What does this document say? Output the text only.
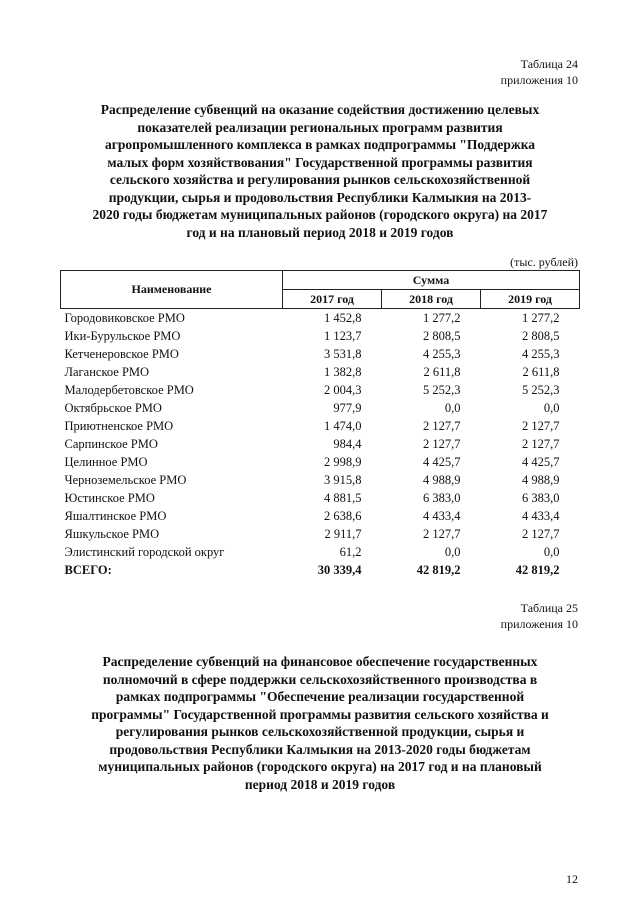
Таблица 24
приложения 10
Распределение субвенций на оказание содействия достижению целевых
показателей реализации региональных программ развития
агропромышленного комплекса в рамках подпрограммы "Поддержка
малых форм хозяйствования" Государственной программы развития
сельского хозяйства и регулирования рынков сельскохозяйственной
продукции, сырья и продовольствия Республики Калмыкия на 2013-
2020 годы бюджетам муниципальных районов (городского округа) на 2017
год и на плановый период 2018 и 2019 годов
(тыс. рублей)
Наименование	Сумма		
	2017 год	2018 год	2019 год
Городовиковское РМО	1 452,8	1 277,2	1 277,2
Ики-Бурульское РМО	1 123,7	2 808,5	2 808,5
Кетченеровское РМО	3 531,8	4 255,3	4 255,3
Лаганское РМО	1 382,8	2 611,8	2 611,8
Малодербетовское РМО	2 004,3	5 252,3	5 252,3
Октябрьское РМО	977,9	0,0	0,0
Приютненское РМО	1 474,0	2 127,7	2 127,7
Сарпинское РМО	984,4	2 127,7	2 127,7
Целинное РМО	2 998,9	4 425,7	4 425,7
Черноземельское РМО	3 915,8	4 988,9	4 988,9
Юстинское РМО	4 881,5	6 383,0	6 383,0
Яшалтинское РМО	2 638,6	4 433,4	4 433,4
Яшкульское РМО	2 911,7	2 127,7	2 127,7
Элистинский городской округ	61,2	0,0	0,0
ВСЕГО:	30 339,4	42 819,2	42 819,2
Таблица 25
приложения 10
Распределение субвенций на финансовое обеспечение государственных
полномочий в сфере поддержки сельскохозяйственного производства в
рамках подпрограммы "Обеспечение реализации государственной
программы" Государственной программы развития сельского хозяйства и
регулирования рынков сельскохозяйственной продукции, сырья и
продовольствия Республики Калмыкия на 2013-2020 годы бюджетам
муниципальных районов (городского округа) на 2017 год и на плановый
период 2018 и 2019 годов
12
